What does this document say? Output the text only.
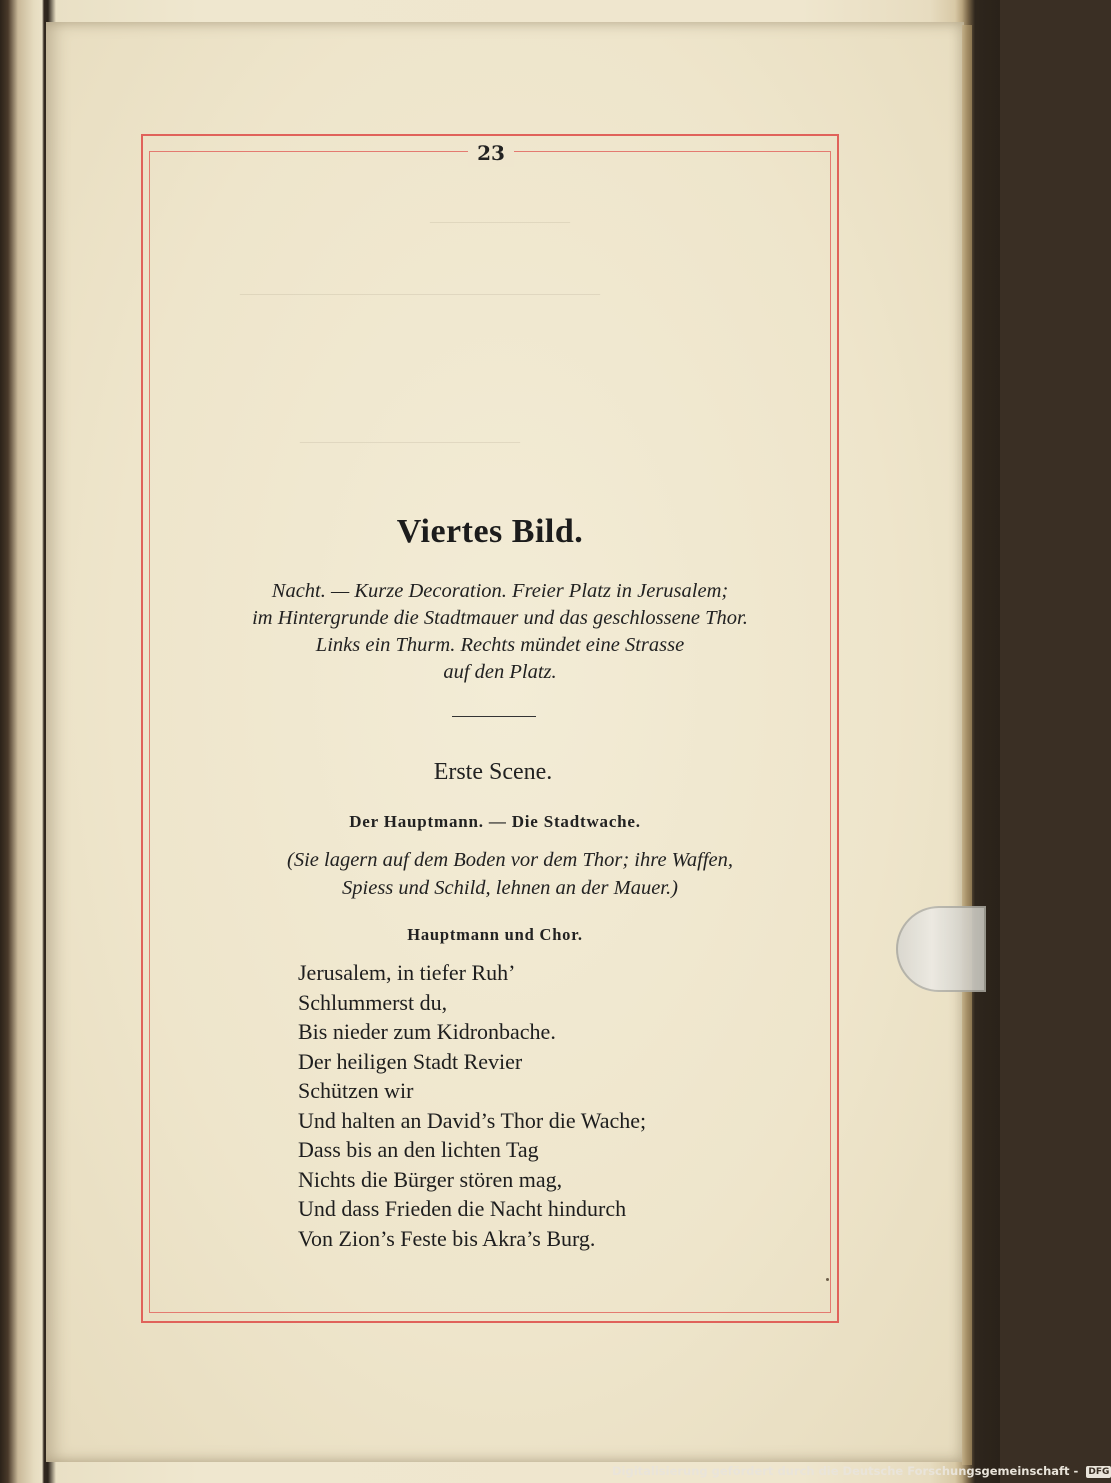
23
———————
——————————————————
———————————
Viertes Bild.
Nacht. — Kurze Decoration. Freier Platz in Jerusalem;
im Hintergrunde die Stadtmauer und das geschlossene Thor.
Links ein Thurm. Rechts mündet eine Strasse
auf den Platz.
Erste Scene.
Der Hauptmann. — Die Stadtwache.
(Sie lagern auf dem Boden vor dem Thor; ihre Waffen,
Spiess und Schild, lehnen an der Mauer.)
Hauptmann und Chor.
Jerusalem, in tiefer Ruh’
Schlummerst du,
Bis nieder zum Kidronbache.
Der heiligen Stadt Revier
Schützen wir
Und halten an David’s Thor die Wache;
Dass bis an den lichten Tag
Nichts die Bürger stören mag,
Und dass Frieden die Nacht hindurch
Von Zion’s Feste bis Akra’s Burg.
Digitalisierung gefördert durch die Deutsche Forschungsgemeinschaft - DFG
